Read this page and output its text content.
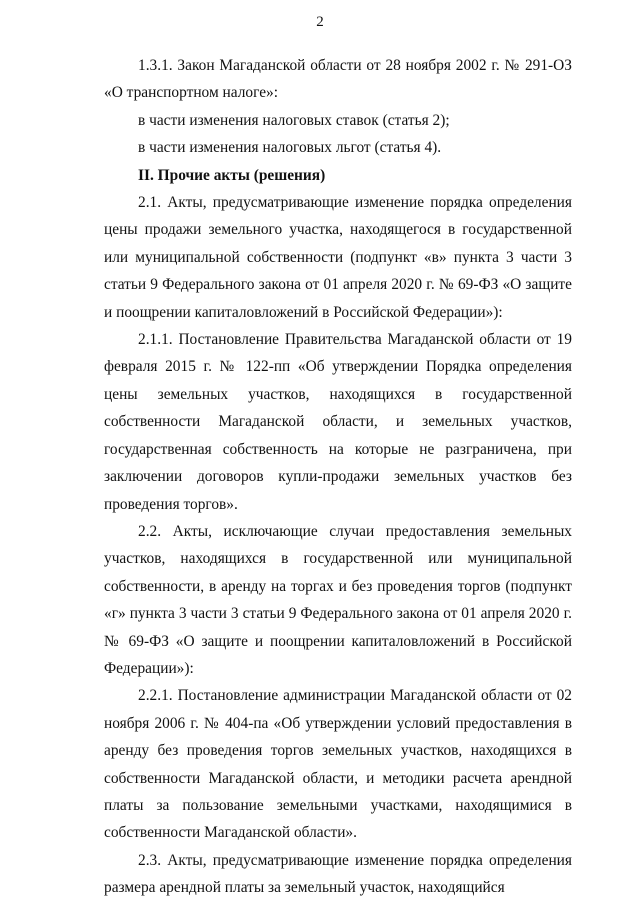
2

1.3.1. Закон Магаданской области от 28 ноября 2002 г. № 291-ОЗ «О транспортном налоге»:

в части изменения налоговых ставок (статья 2);

в части изменения налоговых льгот (статья 4).

II. Прочие акты (решения)

2.1. Акты, предусматривающие изменение порядка определения цены продажи земельного участка, находящегося в государственной или муниципальной собственности (подпункт «в» пункта 3 части 3 статьи 9 Федерального закона от 01 апреля 2020 г. № 69-ФЗ «О защите и поощрении капиталовложений в Российской Федерации»):

2.1.1. Постановление Правительства Магаданской области от 19 февраля 2015 г. № 122-пп «Об утверждении Порядка определения цены земельных участков, находящихся в государственной собственности Магаданской области, и земельных участков, государственная собственность на которые не разграничена, при заключении договоров купли-продажи земельных участков без проведения торгов».

2.2. Акты, исключающие случаи предоставления земельных участков, находящихся в государственной или муниципальной собственности, в аренду на торгах и без проведения торгов (подпункт «г» пункта 3 части 3 статьи 9 Федерального закона от 01 апреля 2020 г. № 69-ФЗ «О защите и поощрении капиталовложений в Российской Федерации»):

2.2.1. Постановление администрации Магаданской области от 02 ноября 2006 г. № 404-па «Об утверждении условий предоставления в аренду без проведения торгов земельных участков, находящихся в собственности Магаданской области, и методики расчета арендной платы за пользование земельными участками, находящимися в собственности Магаданской области».

2.3. Акты, предусматривающие изменение порядка определения размера арендной платы за земельный участок, находящийся
